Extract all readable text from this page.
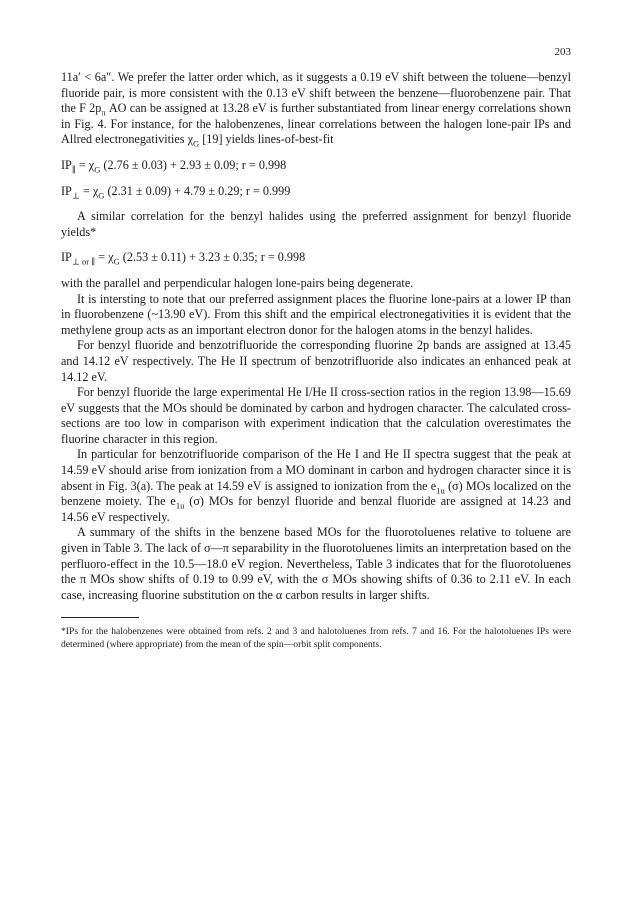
203

11a′ < 6a″. We prefer the latter order which, as it suggests a 0.19 eV shift between the toluene—benzyl fluoride pair, is more consistent with the 0.13 eV shift between the benzene—fluorobenzene pair. That the F $2p_\pi$ AO can be assigned at 13.28 eV is further substantiated from linear energy correlations shown in Fig. 4. For instance, for the halobenzenes, linear correlations between the halogen lone-pair IPs and Allred electronegativities $\chi_G$ [19] yields lines-of-best-fit

$IP_\parallel = \chi_G$ (2.76 ± 0.03) + 2.93 ± 0.09; r = 0.998
$IP_\perp = \chi_G$ (2.31 ± 0.09) + 4.79 ± 0.29; r = 0.999

A similar correlation for the benzyl halides using the preferred assignment for benzyl fluoride yields*

$IP_{\perp or \parallel} = \chi_G$ (2.53 ± 0.11) + 3.23 ± 0.35; r = 0.998

with the parallel and perpendicular halogen lone-pairs being degenerate.

It is intersting to note that our preferred assignment places the fluorine lone-pairs at a lower IP than in fluorobenzene (~13.90 eV). From this shift and the empirical electronegativities it is evident that the methylene group acts as an important electron donor for the halogen atoms in the benzyl halides.

For benzyl fluoride and benzotrifluoride the corresponding fluorine 2p bands are assigned at 13.45 and 14.12 eV respectively. The He II spectrum of benzotrifluoride also indicates an enhanced peak at 14.12 eV.

For benzyl fluoride the large experimental He I/He II cross-section ratios in the region 13.98—15.69 eV suggests that the MOs should be dominated by carbon and hydrogen character. The calculated cross-sections are too low in comparison with experiment indication that the calculation overestimates the fluorine character in this region.

In particular for benzotrifluoride comparison of the He I and He II spectra suggest that the peak at 14.59 eV should arise from ionization from a MO dominant in carbon and hydrogen character since it is absent in Fig. 3(a). The peak at 14.59 eV is assigned to ionization from the $e_{1u}$ (σ) MOs localized on the benzene moiety. The $e_{1u}$ (σ) MOs for benzyl fluoride and benzal fluoride are assigned at 14.23 and 14.56 eV respectively.

A summary of the shifts in the benzene based MOs for the fluorotoluenes relative to toluene are given in Table 3. The lack of σ—π separability in the fluorotoluenes limits an interpretation based on the perfluoro-effect in the 10.5—18.0 eV region. Nevertheless, Table 3 indicates that for the fluorotoluenes the π MOs show shifts of 0.19 to 0.99 eV, with the σ MOs showing shifts of 0.36 to 2.11 eV. In each case, increasing fluorine substitution on the α carbon results in larger shifts.

*IPs for the halobenzenes were obtained from refs. 2 and 3 and halotoluenes from refs. 7 and 16. For the halotoluenes IPs were determined (where appropriate) from the mean of the spin—orbit split components.
